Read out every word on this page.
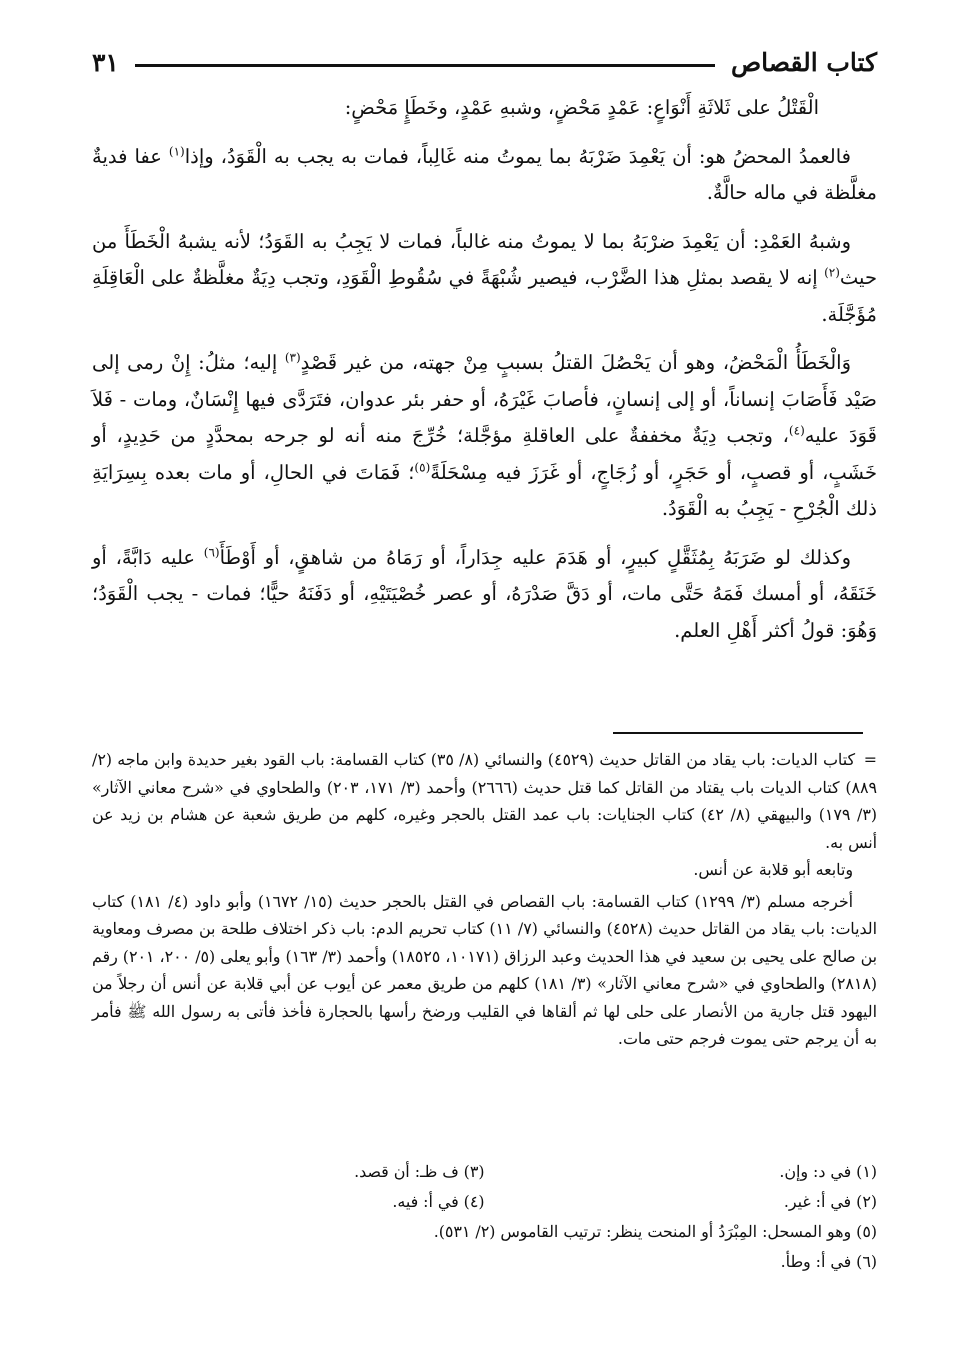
كتاب القصاص
٣١

الْقَتْلُ على ثَلاثَةِ أَنْوَاعٍ: عَمْدٍ مَحْضٍ، وشبهِ عَمْدٍ، وخَطَإٍ مَحْضٍ:

فالعمدُ المحضُ هو: أن يَعْمِدَ ضَرْبَهُ بما يموتُ منه غَالِباً، فمات به يجب به الْقَوَدُ، وإذا$^{(١)}$ عفا فديةٌ مغلَّظة في ماله حالَّةٌ.

وشبهُ العَمْدِ: أن يَعْمِدَ ضرْبَهُ بما لا يموتُ منه غالباً، فمات لا يَجِبُ به القَوَدُ؛ لأنه يشبهُ الْخَطَأَ من حيث$^{(٢)}$ إنه لا يقصد بمثلِ هذا الضَّرْب، فيصير شُبْهَةً في سُقُوطِ الْقَوَدِ، وتجب دِيَةٌ مغلَّظةٌ على الْعَاقِلَةِ مُؤَجَّلَة.

وَالْخَطَأُ الْمَحْضُ، وهو أن يَحْصُلَ القتلُ بسببٍ مِنْ جهته، من غير قَصْدٍ$^{(٣)}$ إليه؛ مثلُ: إِنْ رمى إلى صَيْد فَأَصَابَ إنساناً، أو إلى إنسانٍ، فأصابَ غَيْرَهُ، أو حفر بئر عدوان، فتَرَدَّى فيها إِنْسَانٌ، ومات - فَلاَ قَوَدَ عليه$^{(٤)}$، وتجب دِيَةٌ مخففةٌ على العاقلةِ مؤجَّلة؛ خُرِّجَ منه أنه لو جرحه بمحدَّدٍ من حَدِيدٍ، أو خَشَبٍ، أو قصبٍ، أو حَجَرٍ، أو زُجَاجٍ، أو غَرَزَ فيه مِسْحَلَةً$^{(٥)}$؛ فَمَاتَ في الحالِ، أو مات بعده بِسِرَايَةِ ذلك الْجُرْحِ - يَجِبُ به الْقَوَدُ.

وكذلك لو ضَرَبَهُ بِمُثَقَّلٍ كبيرٍ، أو هَدَمَ عليه جِدَاراً، أو رَمَاهُ من شاهقٍ، أو أَوْطَأَ$^{(٦)}$ عليه دَابَّةً، أو خَنَقَهُ، أو أمسك فَمَهُ حَتَّى مات، أو دَقَّ صَدْرَهُ، أو عصر خُصْيَتَيْهِ، أو دَفَنَهُ حيًّا؛ فمات - يجب الْقَوَدُ؛ وَهُوَ: قولُ أكثر أَهْلِ العلم.

=كتاب الديات: باب يقاد من القاتل حديث (٤٥٢٩) والنسائي (٨/ ٣٥) كتاب القسامة: باب القود بغير حديدة وابن ماجه (٢/ ٨٨٩) كتاب الديات باب يقتاد من القاتل كما قتل حديث (٢٦٦٦) وأحمد (٣/ ١٧١، ٢٠٣) والطحاوي في «شرح معاني الآثار» (٣/ ١٧٩) والبيهقي (٨/ ٤٢) كتاب الجنايات: باب عمد القتل بالحجر وغيره، كلهم من طريق شعبة عن هشام بن زيد عن أنس به.

وتابعه أبو قلابة عن أنس.

أخرجه مسلم (٣/ ١٢٩٩) كتاب القسامة: باب القصاص في القتل بالحجر حديث (١٥/ ١٦٧٢) وأبو داود (٤/ ١٨١) كتاب الديات: باب يقاد من القاتل حديث (٤٥٢٨) والنسائي (٧/ ١١) كتاب تحريم الدم: باب ذكر اختلاف طلحة بن مصرف ومعاوية بن صالح على يحيى بن سعيد في هذا الحديث وعبد الرزاق (١٠١٧١، ١٨٥٢٥) وأحمد (٣/ ١٦٣) وأبو يعلى (٥/ ٢٠٠، ٢٠١) رقم (٢٨١٨) والطحاوي في «شرح معاني الآثار» (٣/ ١٨١) كلهم من طريق معمر عن أيوب عن أبي قلابة عن أنس أن رجلاً من اليهود قتل جارية من الأنصار على حلى لها ثم ألقاها في القليب ورضخ رأسها بالحجارة فأخذ فأتى به رسول الله ﷺ فأمر به أن يرجم حتى يموت فرجم حتى مات.

(١) في د: وإن.
(٣) ف ظـ: أن قصد.
(٢) في أ: غير.
(٤) في أ: فيه.
(٥) وهو المسحل: المِبْرَدُ أو المنحت ينظر: ترتيب القاموس (٢/ ٥٣١).
(٦) في أ: وطأ.
